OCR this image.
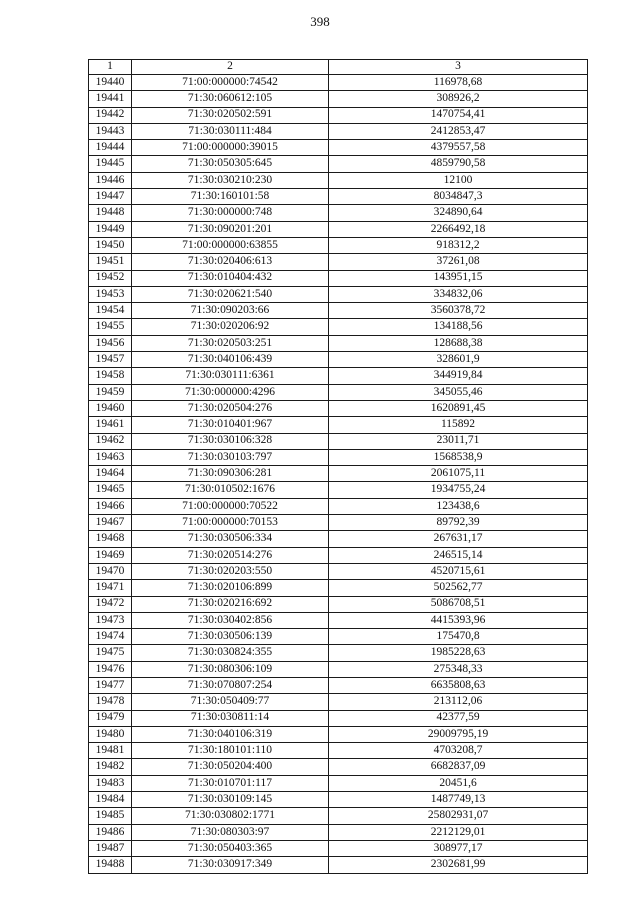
398
1	2	3
19440	71:00:000000:74542	116978,68
19441	71:30:060612:105	308926,2
19442	71:30:020502:591	1470754,41
19443	71:30:030111:484	2412853,47
19444	71:00:000000:39015	4379557,58
19445	71:30:050305:645	4859790,58
19446	71:30:030210:230	12100
19447	71:30:160101:58	8034847,3
19448	71:30:000000:748	324890,64
19449	71:30:090201:201	2266492,18
19450	71:00:000000:63855	918312,2
19451	71:30:020406:613	37261,08
19452	71:30:010404:432	143951,15
19453	71:30:020621:540	334832,06
19454	71:30:090203:66	3560378,72
19455	71:30:020206:92	134188,56
19456	71:30:020503:251	128688,38
19457	71:30:040106:439	328601,9
19458	71:30:030111:6361	344919,84
19459	71:30:000000:4296	345055,46
19460	71:30:020504:276	1620891,45
19461	71:30:010401:967	115892
19462	71:30:030106:328	23011,71
19463	71:30:030103:797	1568538,9
19464	71:30:090306:281	2061075,11
19465	71:30:010502:1676	1934755,24
19466	71:00:000000:70522	123438,6
19467	71:00:000000:70153	89792,39
19468	71:30:030506:334	267631,17
19469	71:30:020514:276	246515,14
19470	71:30:020203:550	4520715,61
19471	71:30:020106:899	502562,77
19472	71:30:020216:692	5086708,51
19473	71:30:030402:856	4415393,96
19474	71:30:030506:139	175470,8
19475	71:30:030824:355	1985228,63
19476	71:30:080306:109	275348,33
19477	71:30:070807:254	6635808,63
19478	71:30:050409:77	213112,06
19479	71:30:030811:14	42377,59
19480	71:30:040106:319	29009795,19
19481	71:30:180101:110	4703208,7
19482	71:30:050204:400	6682837,09
19483	71:30:010701:117	20451,6
19484	71:30:030109:145	1487749,13
19485	71:30:030802:1771	25802931,07
19486	71:30:080303:97	2212129,01
19487	71:30:050403:365	308977,17
19488	71:30:030917:349	2302681,99
